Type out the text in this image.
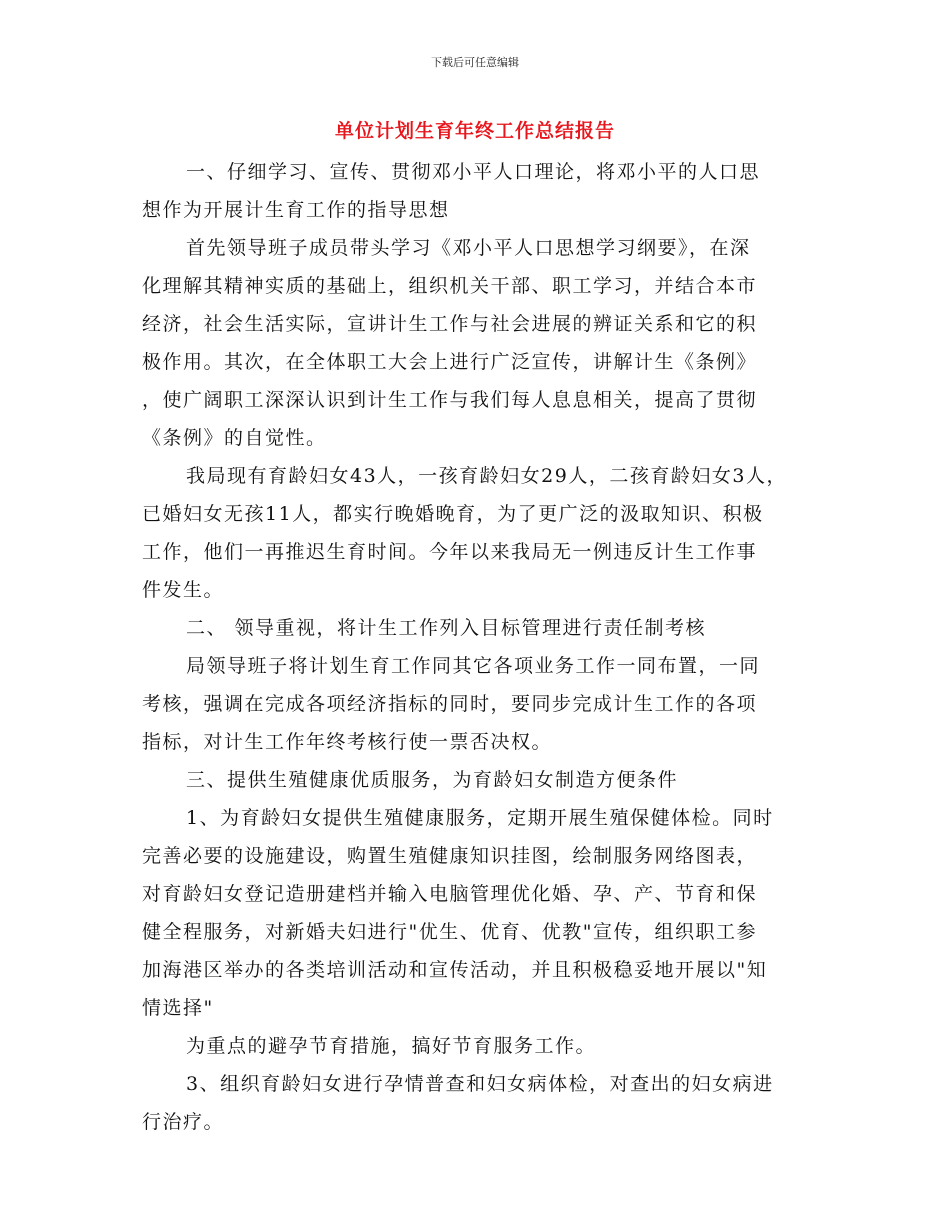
下载后可任意编辑
单位计划生育年终工作总结报告
一、仔细学习、宣传、贯彻邓小平人口理论，将邓小平的人口思
想作为开展计生育工作的指导思想
首先领导班子成员带头学习《邓小平人口思想学习纲要》，在深
化理解其精神实质的基础上，组织机关干部、职工学习，并结合本市
经济，社会生活实际，宣讲计生工作与社会进展的辨证关系和它的积
极作用。其次，在全体职工大会上进行广泛宣传，讲解计生《条例》
，使广阔职工深深认识到计生工作与我们每人息息相关，提高了贯彻
《条例》的自觉性。
我局现有育龄妇女43人，一孩育龄妇女29人，二孩育龄妇女3人，
已婚妇女无孩11人，都实行晚婚晚育，为了更广泛的汲取知识、积极
工作，他们一再推迟生育时间。今年以来我局无一例违反计生工作事
件发生。
二、 领导重视，将计生工作列入目标管理进行责任制考核
局领导班子将计划生育工作同其它各项业务工作一同布置，一同
考核，强调在完成各项经济指标的同时，要同步完成计生工作的各项
指标，对计生工作年终考核行使一票否决权。
三、提供生殖健康优质服务，为育龄妇女制造方便条件
1、为育龄妇女提供生殖健康服务，定期开展生殖保健体检。同时
完善必要的设施建设，购置生殖健康知识挂图，绘制服务网络图表，
对育龄妇女登记造册建档并输入电脑管理优化婚、孕、产、节育和保
健全程服务，对新婚夫妇进行"优生、优育、优教"宣传，组织职工参
加海港区举办的各类培训活动和宣传活动，并且积极稳妥地开展以"知
情选择"
为重点的避孕节育措施，搞好节育服务工作。
3、组织育龄妇女进行孕情普查和妇女病体检，对查出的妇女病进
行治疗。
